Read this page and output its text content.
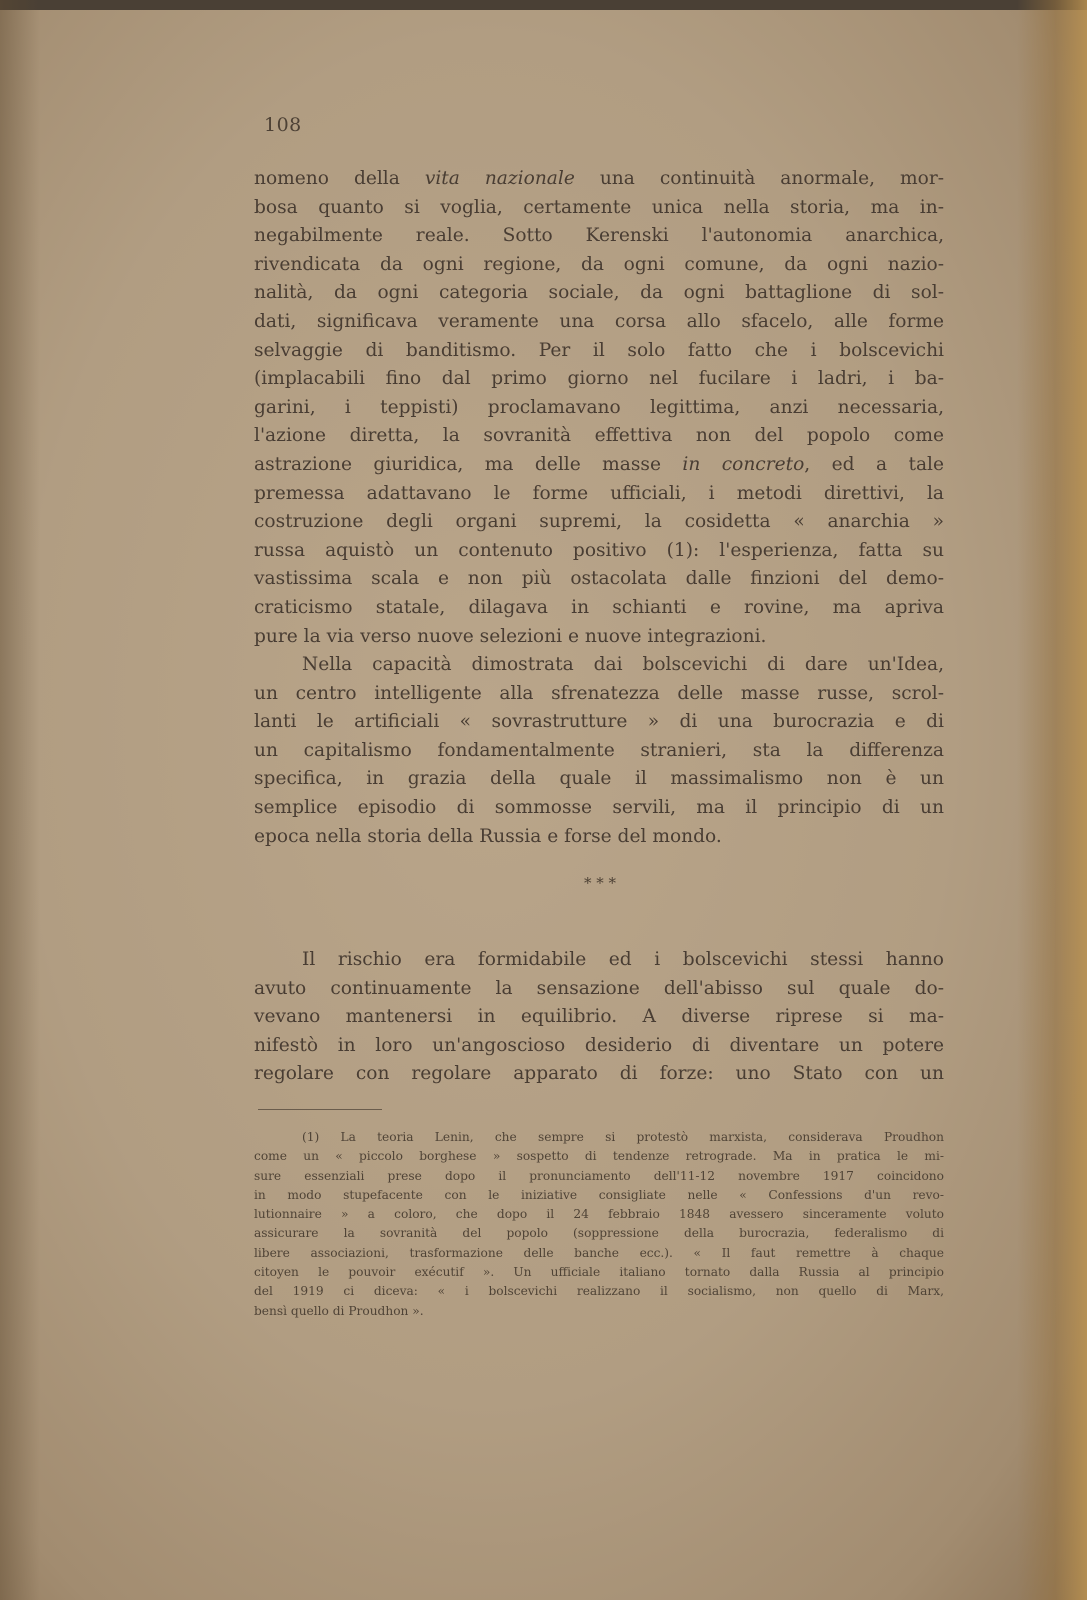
108
nomeno della vita nazionale una continuità anormale, mor-
bosa quanto si voglia, certamente unica nella storia, ma in-
negabilmente reale. Sotto Kerenski l'autonomia anarchica,
rivendicata da ogni regione, da ogni comune, da ogni nazio-
nalità, da ogni categoria sociale, da ogni battaglione di sol-
dati, significava veramente una corsa allo sfacelo, alle forme
selvaggie di banditismo. Per il solo fatto che i bolscevichi
(implacabili fino dal primo giorno nel fucilare i ladri, i ba-
garini, i teppisti) proclamavano legittima, anzi necessaria,
l'azione diretta, la sovranità effettiva non del popolo come
astrazione giuridica, ma delle masse in concreto, ed a tale
premessa adattavano le forme ufficiali, i metodi direttivi, la
costruzione degli organi supremi, la cosidetta « anarchia »
russa aquistò un contenuto positivo (1): l'esperienza, fatta su
vastissima scala e non più ostacolata dalle finzioni del demo-
craticismo statale, dilagava in schianti e rovine, ma apriva
pure la via verso nuove selezioni e nuove integrazioni.
Nella capacità dimostrata dai bolscevichi di dare un'Idea,
un centro intelligente alla sfrenatezza delle masse russe, scrol-
lanti le artificiali « sovrastrutture » di una burocrazia e di
un capitalismo fondamentalmente stranieri, sta la differenza
specifica, in grazia della quale il massimalismo non è un
semplice episodio di sommosse servili, ma il principio di un
epoca nella storia della Russia e forse del mondo.
* * *
Il rischio era formidabile ed i bolscevichi stessi hanno
avuto continuamente la sensazione dell'abisso sul quale do-
vevano mantenersi in equilibrio. A diverse riprese si ma-
nifestò in loro un'angoscioso desiderio di diventare un potere
regolare con regolare apparato di forze: uno Stato con un
(1) La teoria Lenin, che sempre si protestò marxista, considerava Proudhon
come un « piccolo borghese » sospetto di tendenze retrograde. Ma in pratica le mi-
sure essenziali prese dopo il pronunciamento dell'11-12 novembre 1917 coincidono
in modo stupefacente con le iniziative consigliate nelle « Confessions d'un revo-
lutionnaire » a coloro, che dopo il 24 febbraio 1848 avessero sinceramente voluto
assicurare la sovranità del popolo (soppressione della burocrazia, federalismo di
libere associazioni, trasformazione delle banche ecc.). « Il faut remettre à chaque
citoyen le pouvoir exécutif ». Un ufficiale italiano tornato dalla Russia al principio
del 1919 ci diceva: « i bolscevichi realizzano il socialismo, non quello di Marx,
bensì quello di Proudhon ».
